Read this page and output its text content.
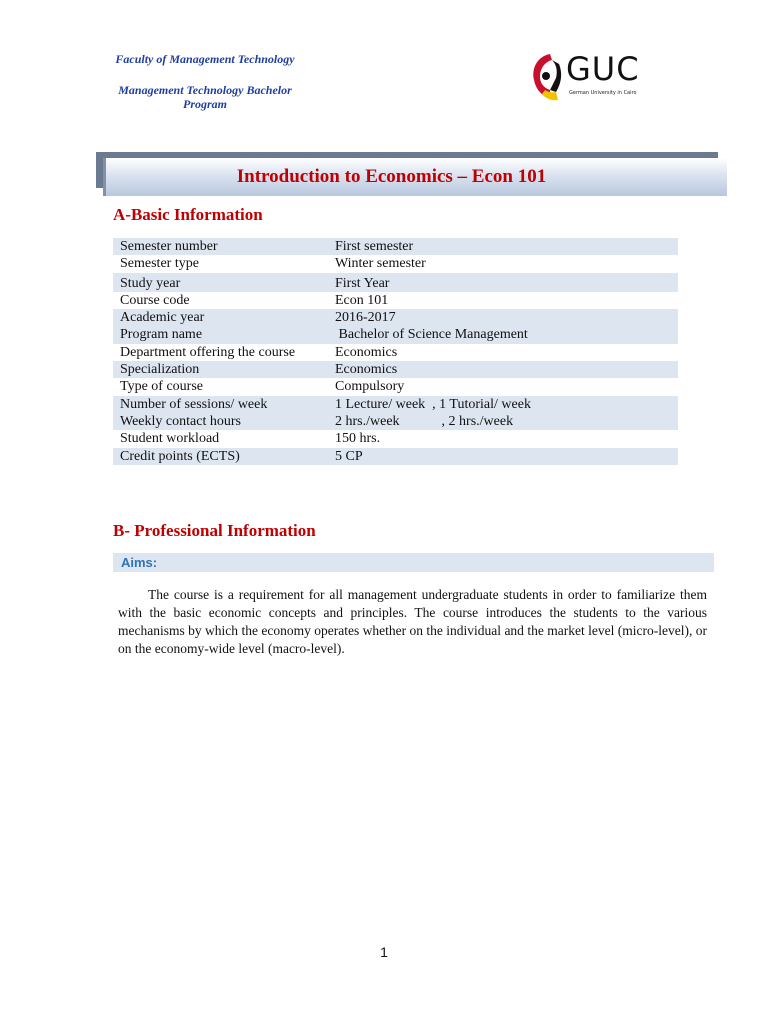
Faculty of Management Technology
Management Technology Bachelor
Program
GUC
German University in Cairo
Introduction to Economics – Econ 101
A-Basic Information
Semester number	First semester
Semester type	Winter semester
Study year	First Year
Course code	Econ 101
Academic year	2016-2017
Program name	Bachelor of Science Management
Department offering the course	Economics
Specialization	Economics
Type of course	Compulsory
Number of sessions/ week	1 Lecture/ week  , 1 Tutorial/ week
Weekly contact hours	2 hrs./week            , 2 hrs./week
Student workload	150 hrs.
Credit points (ECTS)	5 CP
B- Professional Information
Aims:

The course is a requirement for all management undergraduate students in order to familiarize them with the basic economic concepts and principles. The course introduces the students to the various mechanisms by which the economy operates whether on the individual and the market level (micro-level), or on the economy-wide level (macro-level).

1
